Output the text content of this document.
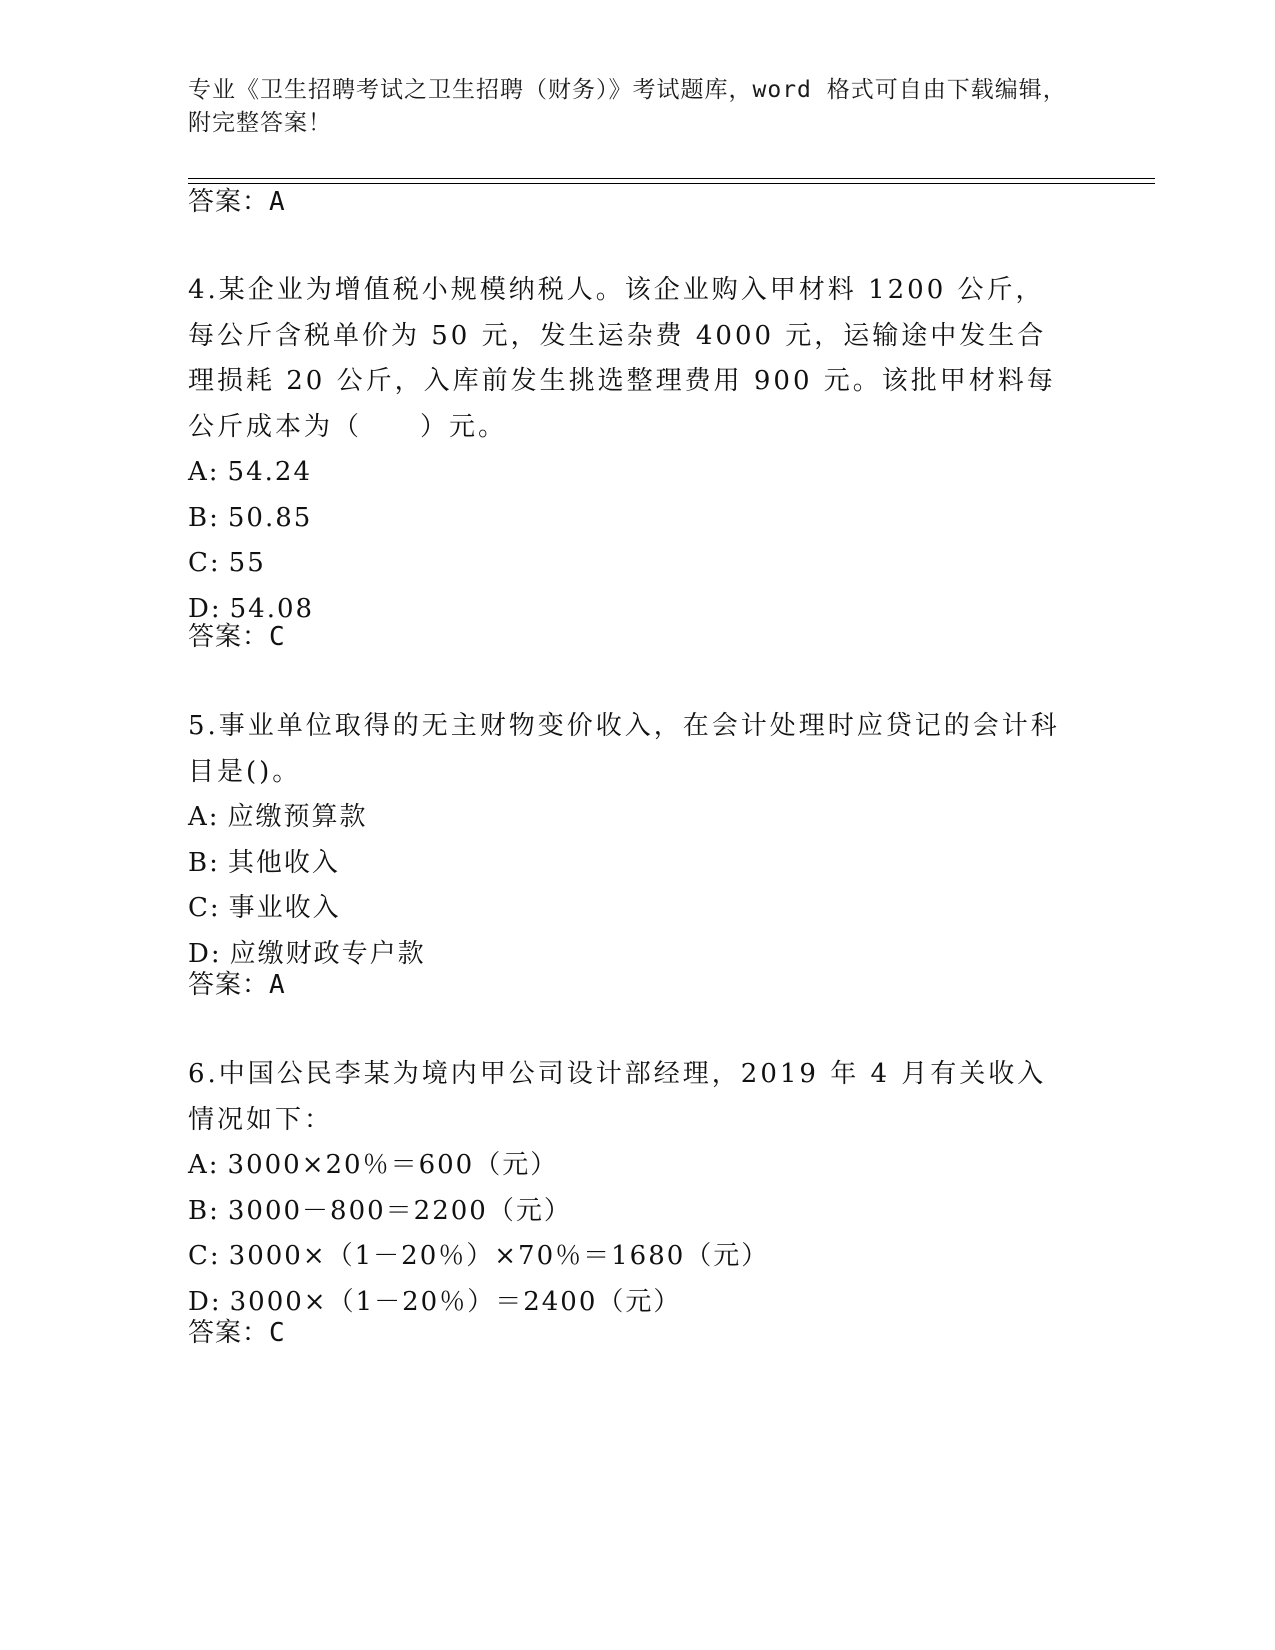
专业《卫生招聘考试之卫生招聘（财务）》考试题库，word 格式可自由下载编辑，附完整答案！
答案：A

4.某企业为增值税小规模纳税人。该企业购入甲材料 1200 公斤，每公斤含税单价为 50 元，发生运杂费 4000 元，运输途中发生合理损耗 20 公斤，入库前发生挑选整理费用 900 元。该批甲材料每公斤成本为（　　）元。

A: 54.24

B: 50.85

C: 55

D: 54.08

答案：C

5.事业单位取得的无主财物变价收入，在会计处理时应贷记的会计科目是()。

A: 应缴预算款

B: 其他收入

C: 事业收入

D: 应缴财政专户款

答案：A

6.中国公民李某为境内甲公司设计部经理，2019 年 4 月有关收入情况如下：

A: 3000×20％＝600（元）

B: 3000－800＝2200（元）

C: 3000×（1－20％）×70％＝1680（元）

D: 3000×（1－20％）＝2400（元）

答案：C
